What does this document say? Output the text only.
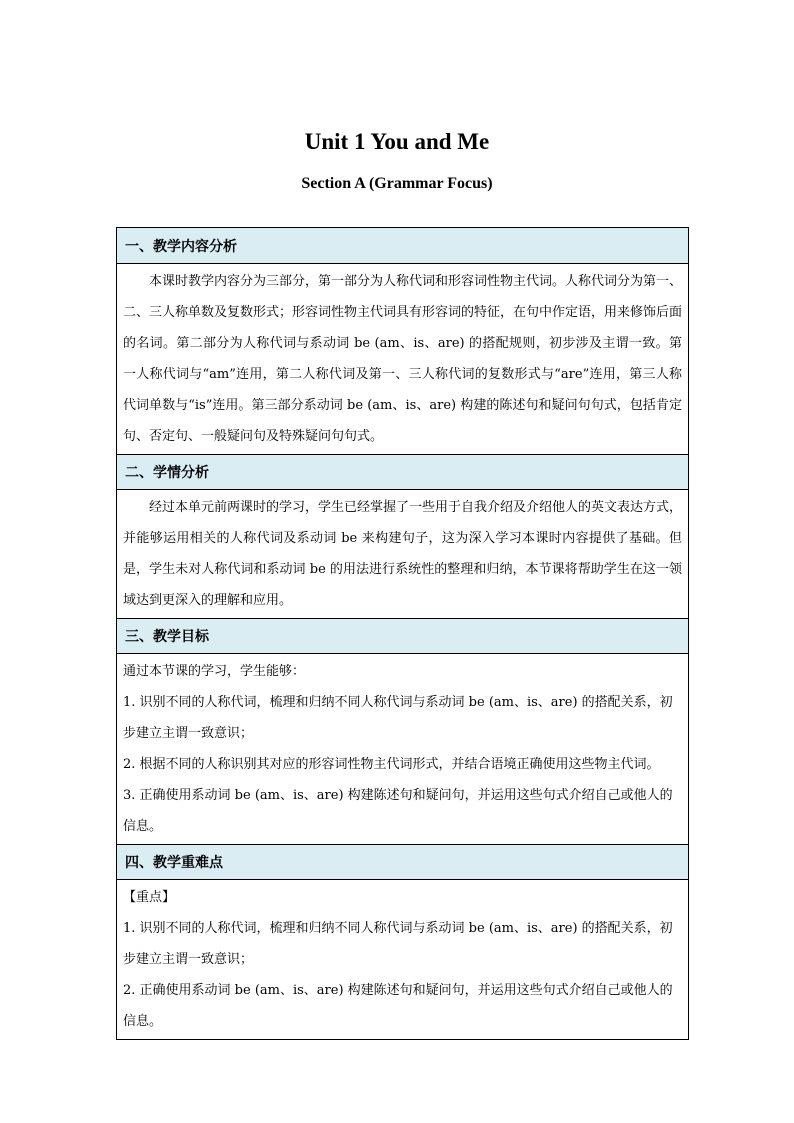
Unit 1 You and Me
Section A (Grammar Focus)
一、教学内容分析

本课时教学内容分为三部分，第一部分为人称代词和形容词性物主代词。人称代词分为第一、二、三人称单数及复数形式；形容词性物主代词具有形容词的特征，在句中作定语，用来修饰后面的名词。第二部分为人称代词与系动词 be (am、is、are) 的搭配规则，初步涉及主谓一致。第一人称代词与“am”连用，第二人称代词及第一、三人称代词的复数形式与“are”连用，第三人称代词单数与“is”连用。第三部分系动词 be (am、is、are) 构建的陈述句和疑问句句式，包括肯定句、否定句、一般疑问句及特殊疑问句句式。

二、学情分析

经过本单元前两课时的学习，学生已经掌握了一些用于自我介绍及介绍他人的英文表达方式，并能够运用相关的人称代词及系动词 be 来构建句子，这为深入学习本课时内容提供了基础。但是，学生未对人称代词和系动词 be 的用法进行系统性的整理和归纳，本节课将帮助学生在这一领域达到更深入的理解和应用。

三、教学目标

通过本节课的学习，学生能够：

1. 识别不同的人称代词，梳理和归纳不同人称代词与系动词 be (am、is、are) 的搭配关系，初步建立主谓一致意识；

2. 根据不同的人称识别其对应的形容词性物主代词形式，并结合语境正确使用这些物主代词。

3. 正确使用系动词 be (am、is、are) 构建陈述句和疑问句，并运用这些句式介绍自己或他人的信息。

四、教学重难点

【重点】

1. 识别不同的人称代词，梳理和归纳不同人称代词与系动词 be (am、is、are) 的搭配关系，初步建立主谓一致意识；

2. 正确使用系动词 be (am、is、are) 构建陈述句和疑问句，并运用这些句式介绍自己或他人的信息。
